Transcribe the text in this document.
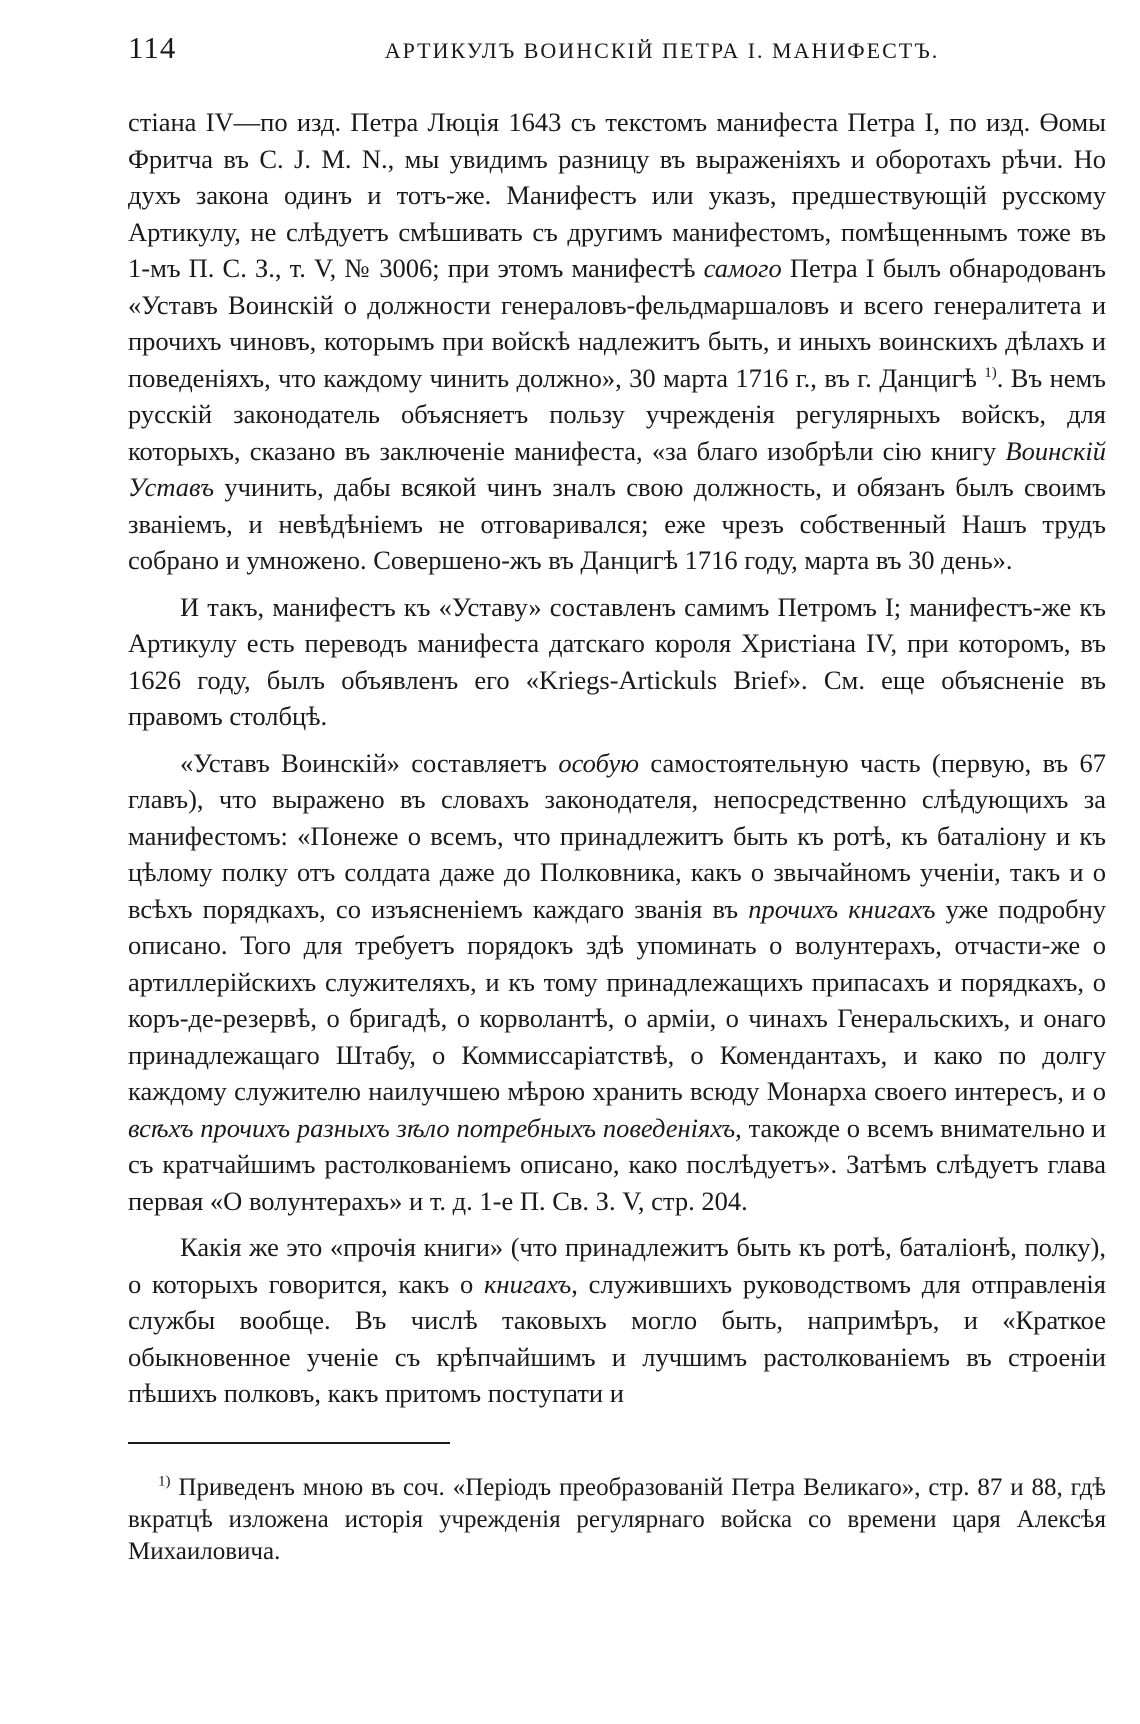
114	АРТИКУЛЪ ВОИНСКІЙ ПЕТРА I. МАНИФЕСТЪ.

стіана IV—по изд. Петра Люція 1643 съ текстомъ манифеста Петра I, по изд. Өомы Фритча въ С. J. M. N., мы увидимъ разницу въ выраженіяхъ и оборотахъ рѣчи. Но духъ закона одинъ и тотъ-же. Манифестъ или указъ, предшествующій русскому Артикулу, не слѣдуетъ смѣшивать съ другимъ манифестомъ, помѣщеннымъ тоже въ 1-мъ П. С. З., т. V, № 3006; при этомъ манифестѣ самого Петра I былъ обнародованъ «Уставъ Воинскій о должности генераловъ-фельдмаршаловъ и всего генералитета и прочихъ чиновъ, которымъ при войскѣ надлежитъ быть, и иныхъ воинскихъ дѣлахъ и поведеніяхъ, что каждому чинить должно», 30 марта 1716 г., въ г. Данцигѣ $^{1)}$. Въ немъ русскій законодатель объясняетъ пользу учрежденія регулярныхъ войскъ, для которыхъ, сказано въ заключеніе манифеста, «за благо изобрѣли сію книгу Воинскій Уставъ учинить, дабы всякой чинъ зналъ свою должность, и обязанъ былъ своимъ званіемъ, и невѣдѣніемъ не отговаривался; еже чрезъ собственный Нашъ трудъ собрано и умножено. Совершено-жъ въ Данцигѣ 1716 году, марта въ 30 день».

И такъ, манифестъ къ «Уставу» составленъ самимъ Петромъ I; манифестъ-же къ Артикулу есть переводъ манифеста датскаго короля Христіана IV, при которомъ, въ 1626 году, былъ объявленъ его «Kriegs-Artickuls Brief». См. еще объясненіе въ правомъ столбцѣ.

«Уставъ Воинскій» составляетъ особую самостоятельную часть (первую, въ 67 главъ), что выражено въ словахъ законодателя, непосредственно слѣдующихъ за манифестомъ: «Понеже о всемъ, что принадлежитъ быть къ ротѣ, къ баталіону и къ цѣлому полку отъ солдата даже до Полковника, какъ о звычайномъ ученіи, такъ и о всѣхъ порядкахъ, со изъясненіемъ каждаго званія въ прочихъ книгахъ уже подробну описано. Того для требуетъ порядокъ здѣ упоминать о волунтерахъ, отчасти-же о артиллерійскихъ служителяхъ, и къ тому принадлежащихъ припасахъ и порядкахъ, о коръ-де-резервѣ, о бригадѣ, о корволантѣ, о арміи, о чинахъ Генеральскихъ, и онаго принадлежащаго Штабу, о Коммиссаріатствѣ, о Комендантахъ, и како по долгу каждому служителю наилучшею мѣрою хранить всюду Монарха своего интересъ, и о всѣхъ прочихъ разныхъ зѣло потребныхъ поведеніяхъ, такожде о всемъ внимательно и съ кратчайшимъ растолкованіемъ описано, како послѣдуетъ». Затѣмъ слѣдуетъ глава первая «О волунтерахъ» и т. д. 1-е П. Св. З. V, стр. 204.

Какія же это «прочія книги» (что принадлежитъ быть къ ротѣ, баталіонѣ, полку), о которыхъ говорится, какъ о книгахъ, служившихъ руководствомъ для отправленія службы вообще. Въ числѣ таковыхъ могло быть, напримѣръ, и «Краткое обыкновенное ученіе съ крѣпчайшимъ и лучшимъ растолкованіемъ въ строеніи пѣшихъ полковъ, какъ притомъ поступати и

$^{1)}$ Приведенъ мною въ соч. «Періодъ преобразованій Петра Великаго», стр. 87 и 88, гдѣ вкратцѣ изложена исторія учрежденія регулярнаго войска со времени царя Алексѣя Михаиловича.
